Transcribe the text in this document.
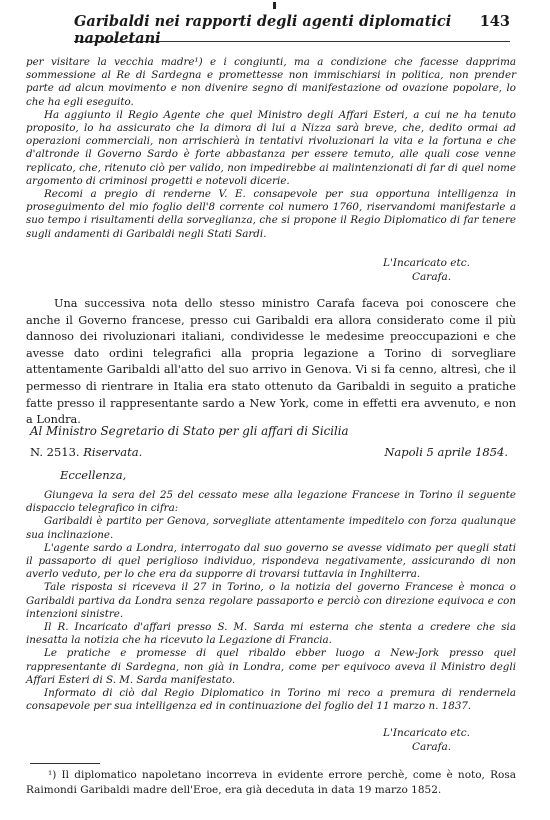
Garibaldi nei rapporti degli agenti diplomatici napoletani
143

per visitare la vecchia madre¹) e i congiunti, ma a condizione che facesse dapprima sommessione al Re di Sardegna e promettesse non immischiarsi in politica, non prender parte ad alcun movimento e non divenire segno di manifestazione od ovazione popolare, lo che ha egli eseguito.

Ha aggiunto il Regio Agente che quel Ministro degli Affari Esteri, a cui ne ha tenuto proposito, lo ha assicurato che la dimora di lui a Nizza sarà breve, che, dedito ormai ad operazioni commerciali, non arrischierà in tentativi rivoluzionari la vita e la fortuna e che d'altronde il Governo Sardo è forte abbastanza per essere temuto, alle quali cose venne replicato, che, ritenuto ciò per valido, non impedirebbe ai malintenzionati di far di quel nome argomento di criminosi progetti e notevoli dicerie.

Recomi a pregio di renderne V. E. consapevole per sua opportuna intelligenza in proseguimento del mio foglio dell'8 corrente col numero 1760, riservandomi manifestarle a suo tempo i risultamenti della sorveglianza, che si propone il Regio Diplomatico di far tenere sugli andamenti di Garibaldi negli Stati Sardi.

L'Incaricato etc.
Carafa.

Una successiva nota dello stesso ministro Carafa faceva poi conoscere che anche il Governo francese, presso cui Garibaldi era allora considerato come il più dannoso dei rivoluzionari italiani, condividesse le medesime preoccupazioni e che avesse dato ordini telegrafici alla propria legazione a Torino di sorvegliare attentamente Garibaldi all'atto del suo arrivo in Genova. Vi si fa cenno, altresì, che il permesso di rientrare in Italia era stato ottenuto da Garibaldi in seguito a pratiche fatte presso il rappresentante sardo a New York, come in effetti era avvenuto, e non a Londra.

Al Ministro Segretario di Stato per gli affari di Sicilia
N. 2513. Riservata.	Napoli 5 aprile 1854.
Eccellenza,

Giungeva la sera del 25 del cessato mese alla legazione Francese in Torino il seguente dispaccio telegrafico in cifra:

Garibaldi è partito per Genova, sorvegliate attentamente impeditelo con forza qualunque sua inclinazione.

L'agente sardo a Londra, interrogato dal suo governo se avesse vidimato per quegli stati il passaporto di quel periglioso individuo, rispondeva negativamente, assicurando di non averlo veduto, per lo che era da supporre di trovarsi tuttavia in Inghilterra.

Tale risposta si riceveva il 27 in Torino, o la notizia del governo Francese è monca o Garibaldi partiva da Londra senza regolare passaporto e perciò con direzione equivoca e con intenzioni sinistre.

Il R. Incaricato d'affari presso S. M. Sarda mi esterna che stenta a credere che sia inesatta la notizia che ha ricevuto la Legazione di Francia.

Le pratiche e promesse di quel ribaldo ebber luogo a New-Jork presso quel rappresentante di Sardegna, non già in Londra, come per equivoco aveva il Ministro degli Affari Esteri di S. M. Sarda manifestato.

Informato di ciò dal Regio Diplomatico in Torino mi reco a premura di rendernela consapevole per sua intelligenza ed in continuazione del foglio del 11 marzo n. 1837.

L'Incaricato etc.
Carafa.

¹) Il diplomatico napoletano incorreva in evidente errore perchè, come è noto, Rosa Raimondi Garibaldi madre dell'Eroe, era già deceduta in data 19 marzo 1852.
